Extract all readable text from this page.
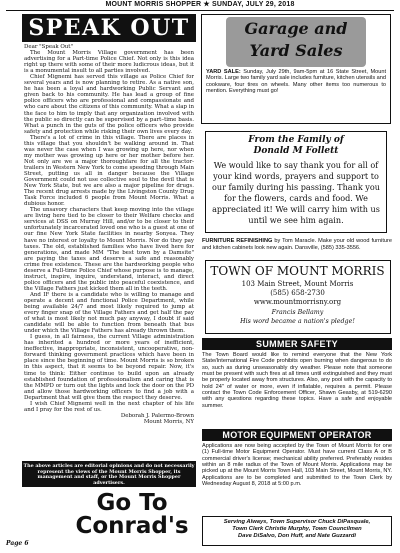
MOUNT MORRIS SHOPPER ★ SUNDAY, JULY 29, 2018
SPEAK OUT

Dear "Speak Out"

The Mount Morris Village government has been advertising for a Part-time Police Chief. Not only is this idea right up there with some of their more ludicrous ideas, but it is a monumental insult to all parties involved.

Chief Mignemi has served this village as Police Chief for several years and is now planning to retire. As a native son, he has been a loyal and hardworking Public Servant and given back to his community. He has lead a group of fine police officers who are professional and compassionate and who care about the citizens of this community. What a slap in the face to him to imply that any organization involved with the public so directly can be supervised by a part–time basis. What a punch in the guts of the police officers who provide safety and protection while risking their own lives every day.

There's a lot of crime in this village. There are places in this village that you shouldn't be walking around in. That was never the case when I was growing up here, nor when my mother was growing up here or her mother before her. Not only are we a major thoroughfare for all the tractor-trailers in Western New York to come speeding through Main Street, putting us all in danger because the Village Government could not use collective soul to the devil that is New York State, but we are also a major pipeline for drugs. The recent drug arrests made by the Livingston County Drug Task Force included 6 people from Mount Morris. What a dubious honor.

The unsavory characters that keep moving into the village are living here tied to be closer to their Welfare checks and services at DSS on Murray Hill, and/or to be closer to their unfortunately incarcerated loved one who is a guest at one of our fine New York State facilities in nearby Sonyea. They have no interest or loyalty to Mount Morris. Nor do they pay taxes. The old, established families who have lived here for generations, and made MM "The best town by a Damsite" are paying the taxes and deserve a safe and reasonably crime free existence. These are the hardworking people who deserve a Full-time Police Chief whose purpose is to manage, instruct, inspire, inquire, understand, interact, and direct police officers and the public into peaceful coexistence, and the Village Fathers just kicked them all in the teeth.

And IF there is a candidate who is willing to manage and operate a decent and functional Police Department, while being available 24/7 and most likely required to jump at every finger snap of the Village Fathers and get half the pay of what is most likely not much pay anyway, I doubt if said candidate will be able to function from beneath that bus under which the Village Fathers has already thrown them.

I guess, in all fairness, the current Village administration has inherited a hundred or more years of inefficient, ineffective, inappropriate, inconsistent, uncooperative, non-forward thinking government practices which have been in place since the beginning of time. Mount Morris is so broken in this aspect, that it seems to be beyond repair. Now, it's time to think: Either continue to build upon an already established foundation of professionalism and caring that is the MMPD or turn out the lights and lock the door on the PD and allow those hardworking officers to find a job with a Department that will give them the respect they deserve.

I wish Chief Mignemi well in the next chapter of his life and I pray for the rest of us.

Deborah J. Palermo-Brown

Mount Morris, NY

The above articles are editorial opinions and do not necessarily represent the views of the Mount Morris Shopper, its management and staff, or the Mount Morris Shopper advertisers.
Go To
Conrad's
Page 6
Garage and
Yard Sales
YARD SALE: Sunday, July 29th, 9am-5pm at 16 State Street, Mount Morris. Large two family yard sale includes furniture, kitchen utensils and cookware, four tires on wheels. Many other items too numerous to mention. Everything must go!
From the Family of
Donald M Follett
We would like to say thank you for all of your kind words, prayers and support to our family during his passing. Thank you for the flowers, cards and food. We appreciated it! We will carry him with us until we see him again.
FURNITURE REFINISHING by Tom Maracle. Make your old wood furniture and kitchen cabinets look new again. Dansville, (585) 335-3556.
TOWN OF MOUNT MORRIS
103 Main Street, Mount Morris
(585) 658-2730
www.mountmorrisny.org
Francis Bellamy
His word became a nation's pledge!
SUMMER SAFETY
The Town Board would like to remind everyone that the New York State/International Fire Code prohibits open burning when dangerous to do so, such as during unseasonably dry weather. Please note that someone must be present with such fires at all times until extinguished and they must be properly located away from structures. Also, any pool with the capacity to hold 24" of water or more, even if inflatable, requires a permit. Please contact the Town Code Enforcement Officer, Shawn Geasby, at 519-6290 with any questions regarding these topics. Have a safe and enjoyable summer.
MOTOR EQUIPMENT OPERATOR
Applications are now being accepted by the Town of Mount Morris for one (1) Full-time Motor Equipment Operator. Must have current Class A or B commercial driver's license; mechanical ability preferred. Preferably resides within an 8 mile radius of the Town of Mount Morris. Applications may be picked up at the Mount Morris Town Hall, 103 Main Street, Mount Morris, NY. Applications are to be completed and submitted to the Town Clerk by Wednesday August 8, 2018 at 5:00 p.m.
Serving Always, Town Supervisor Chuck DiPasquale,
Town Clerk Christie Murphy, Town Councilmen
Dave DiSalvo, Don Huff, and Nate Guzzardi
